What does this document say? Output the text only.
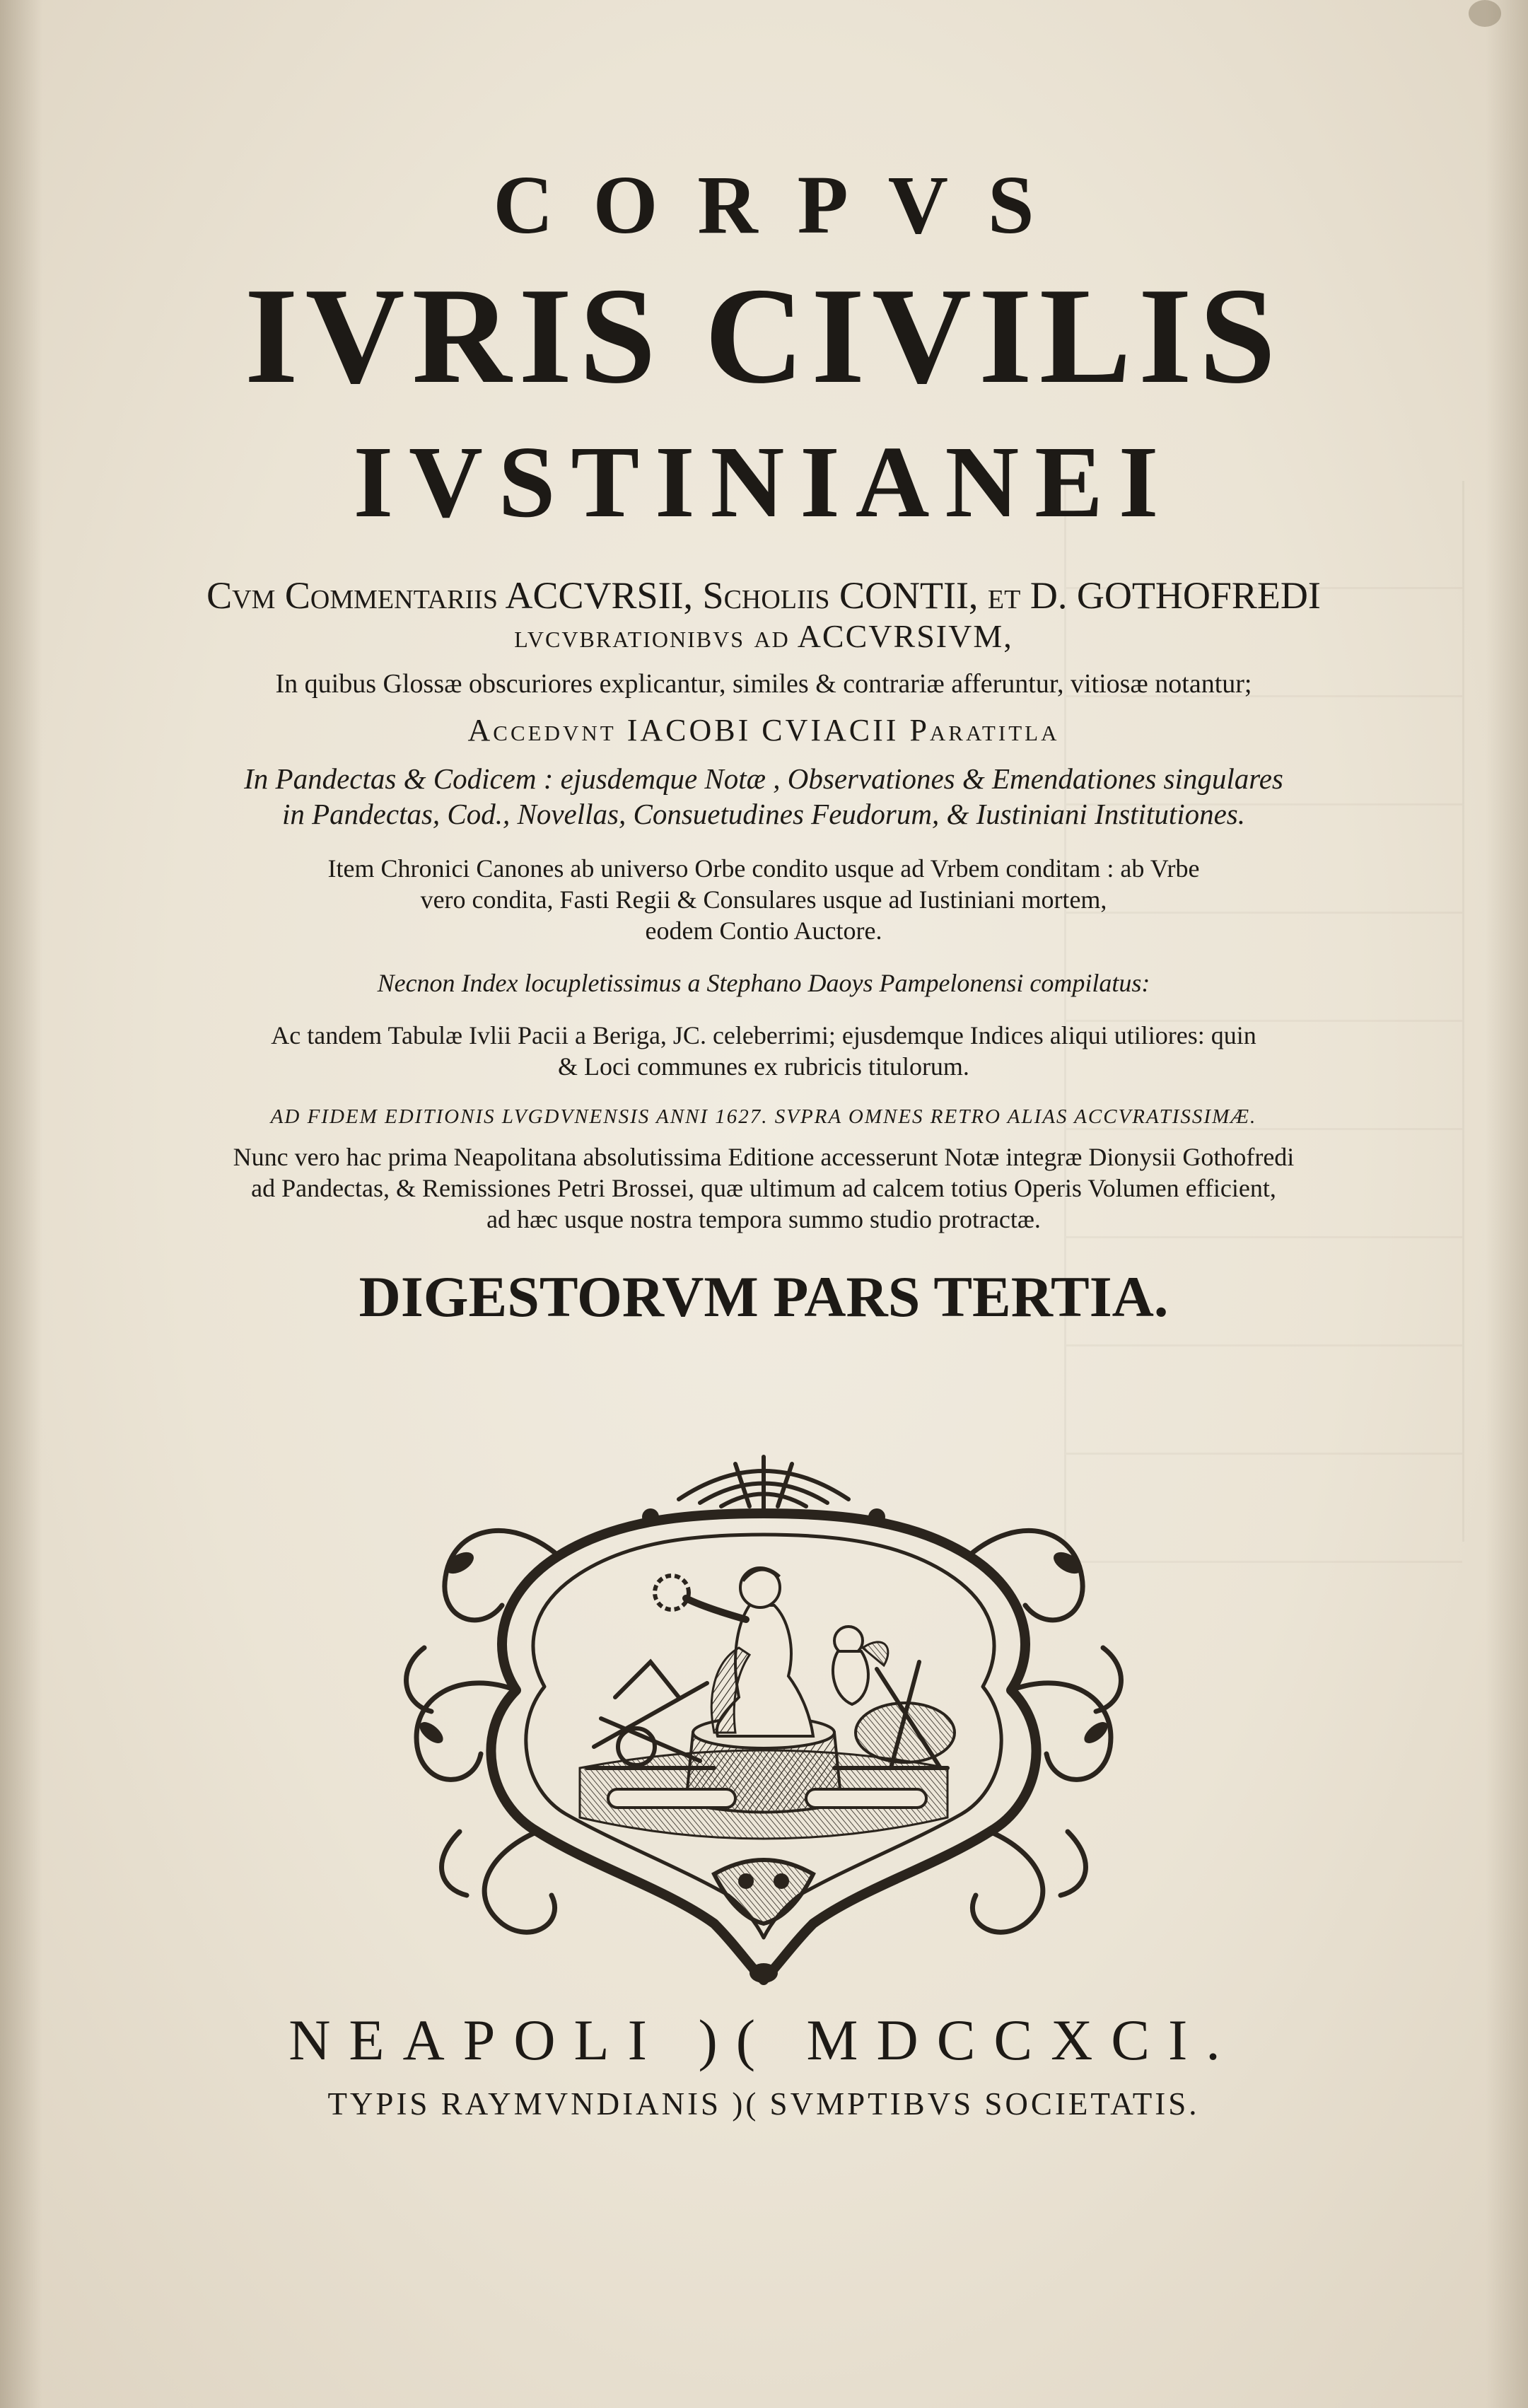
CORPVS

IVRIS CIVILIS

IVSTINIANEI

Cvm Commentariis ACCVRSII, Scholiis CONTII, et D. GOTHOFREDI

lvcvbrationibvs ad ACCVRSIVM,

In quibus Glossæ obscuriores explicantur, similes & contrariæ afferuntur, vitiosæ notantur;

Accedvnt IACOBI CVIACII Paratitla

In Pandectas & Codicem : ejusdemque Notæ , Observationes & Emendationes singulares

in Pandectas, Cod., Novellas, Consuetudines Feudorum, & Iustiniani Institutiones.

Item Chronici Canones ab universo Orbe condito usque ad Vrbem conditam : ab Vrbe

vero condita, Fasti Regii & Consulares usque ad Iustiniani mortem,

eodem Contio Auctore.

Necnon Index locupletissimus a Stephano Daoys Pampelonensi compilatus:

Ac tandem Tabulæ Ivlii Pacii a Beriga, JC. celeberrimi; ejusdemque Indices aliqui utiliores: quin

& Loci communes ex rubricis titulorum.

AD FIDEM EDITIONIS LVGDVNENSIS ANNI 1627. SVPRA OMNES RETRO ALIAS ACCVRATISSIMÆ.

Nunc vero hac prima Neapolitana absolutissima Editione accesserunt Notæ integræ Dionysii Gothofredi

ad Pandectas, & Remissiones Petri Brossei, quæ ultimum ad calcem totius Operis Volumen efficient,

ad hæc usque nostra tempora summo studio protractæ.

DIGESTORVM PARS TERTIA.

NEAPOLI )( MDCCXCI.

TYPIS RAYMVNDIANIS )( SVMPTIBVS SOCIETATIS.
